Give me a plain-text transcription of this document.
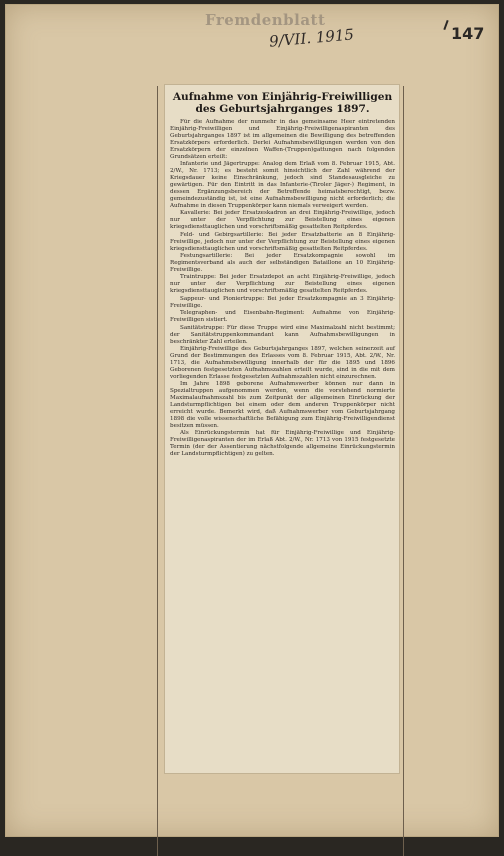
Fremdenblatt
9/VII. 1915	147
Aufnahme von Einjährig-Freiwilligen des Geburtsjahrganges 1897.

Für die Aufnahme der nunmehr in das gemeinsame Heer eintretenden Einjährig-Freiwilligen und Einjährig-Freiwilligenaspiranten des Geburtsjahrganges 1897 ist im allgemeinen die Bewilligung des betreffenden Ersatzkörpers erforderlich. Derlei Aufnahmsbewilligungen werden von den Ersatzkörpern der einzelnen Waffen-(Truppen)gattungen nach folgenden Grundsätzen erteilt:

Infanterie und Jägertruppe: Analog dem Erlaß vom 8. Februar 1915, Abt. 2/W., Nr. 1713; es besteht somit hinsichtlich der Zahl während der Kriegsdauer keine Einschränkung, jedoch sind Standesausgleiche zu gewärtigen. Für den Eintritt in das Infanterie-(Tiroler Jäger-) Regiment, in dessen Ergänzungsbereich der Betreffende heimatsberechtigt, bezw. gemeindezuständig ist, ist eine Aufnahmsbewilligung nicht erforderlich; die Aufnahme in diesen Truppenkörper kann niemals verweigert werden.

Kavallerie: Bei jeder Ersatzeskadron an drei Einjährig-Freiwillige, jedoch nur unter der Verpflichtung zur Beistellung eines eigenen kriegsdiensttauglichen und vorschriftsmäßig gesattelten Reitpferdes.

Feld- und Gebirgsartillerie: Bei jeder Ersatzbatterie an 8 Einjährig-Freiwillige, jedoch nur unter der Verpflichtung zur Beistellung eines eigenen kriegsdiensttauglichen und vorschriftsmäßig gesattelten Reitpferdes.

Festungsartillerie: Bei jeder Ersatzkompagnie sowohl im Regimentsverband als auch der selbständigen Bataillone an 10 Einjährig-Freiwillige.

Traintruppe: Bei jeder Ersatzdepot an acht Einjährig-Freiwillige, jedoch nur unter der Verpflichtung zur Beistellung eines eigenen kriegsdiensttauglichen und vorschriftsmäßig gesattelten Reitpferdes.

Sappeur- und Pioniertruppe: Bei jeder Ersatzkompagnie an 3 Einjährig-Freiwillige.

Telegraphen- und Eisenbahn-Regiment: Aufnahme von Einjährig-Freiwilligen sistiert.

Sanitätstruppe: Für diese Truppe wird eine Maximalzahl nicht bestimmt; der Sanitätstruppenkommandant kann Aufnahmsbewilligungen in beschränkter Zahl erteilen.

Einjährig-Freiwillige des Geburtsjahrganges 1897, welchen seinerzeit auf Grund der Bestimmungen des Erlasses vom 8. Februar 1915, Abt. 2/W., Nr. 1713, die Aufnahmsbewilligung innerhalb der für die 1895 und 1896 Geborenen festgesetzten Aufnahmszahlen erteilt wurde, sind in die mit dem vorliegenden Erlasse festgesetzten Aufnahmszahlen nicht einzurechnen.

Im Jahre 1898 geborene Aufnahmswerber können nur dann in Spezialtruppen aufgenommen werden, wenn die vorstehend normierte Maximalaufnahmszahl bis zum Zeitpunkt der allgemeinen Einrückung der Landsturmpflichtigen bei einem oder dem anderen Truppenkörper nicht erreicht wurde. Bemerkt wird, daß Aufnahmswerber vom Geburtsjahrgang 1898 die volle wissenschaftliche Befähigung zum Einjährig-Freiwilligendienst besitzen müssen.

Als Einrückungstermin hat für Einjährig-Freiwillige und Einjährig-Freiwilligenaspiranten der im Erlaß Abt. 2/W., Nr. 1713 von 1915 festgesetzte Termin (der der Assentierung nächstfolgende allgemeine Einrückungstermin der Landsturmpflichtigen) zu gelten.
